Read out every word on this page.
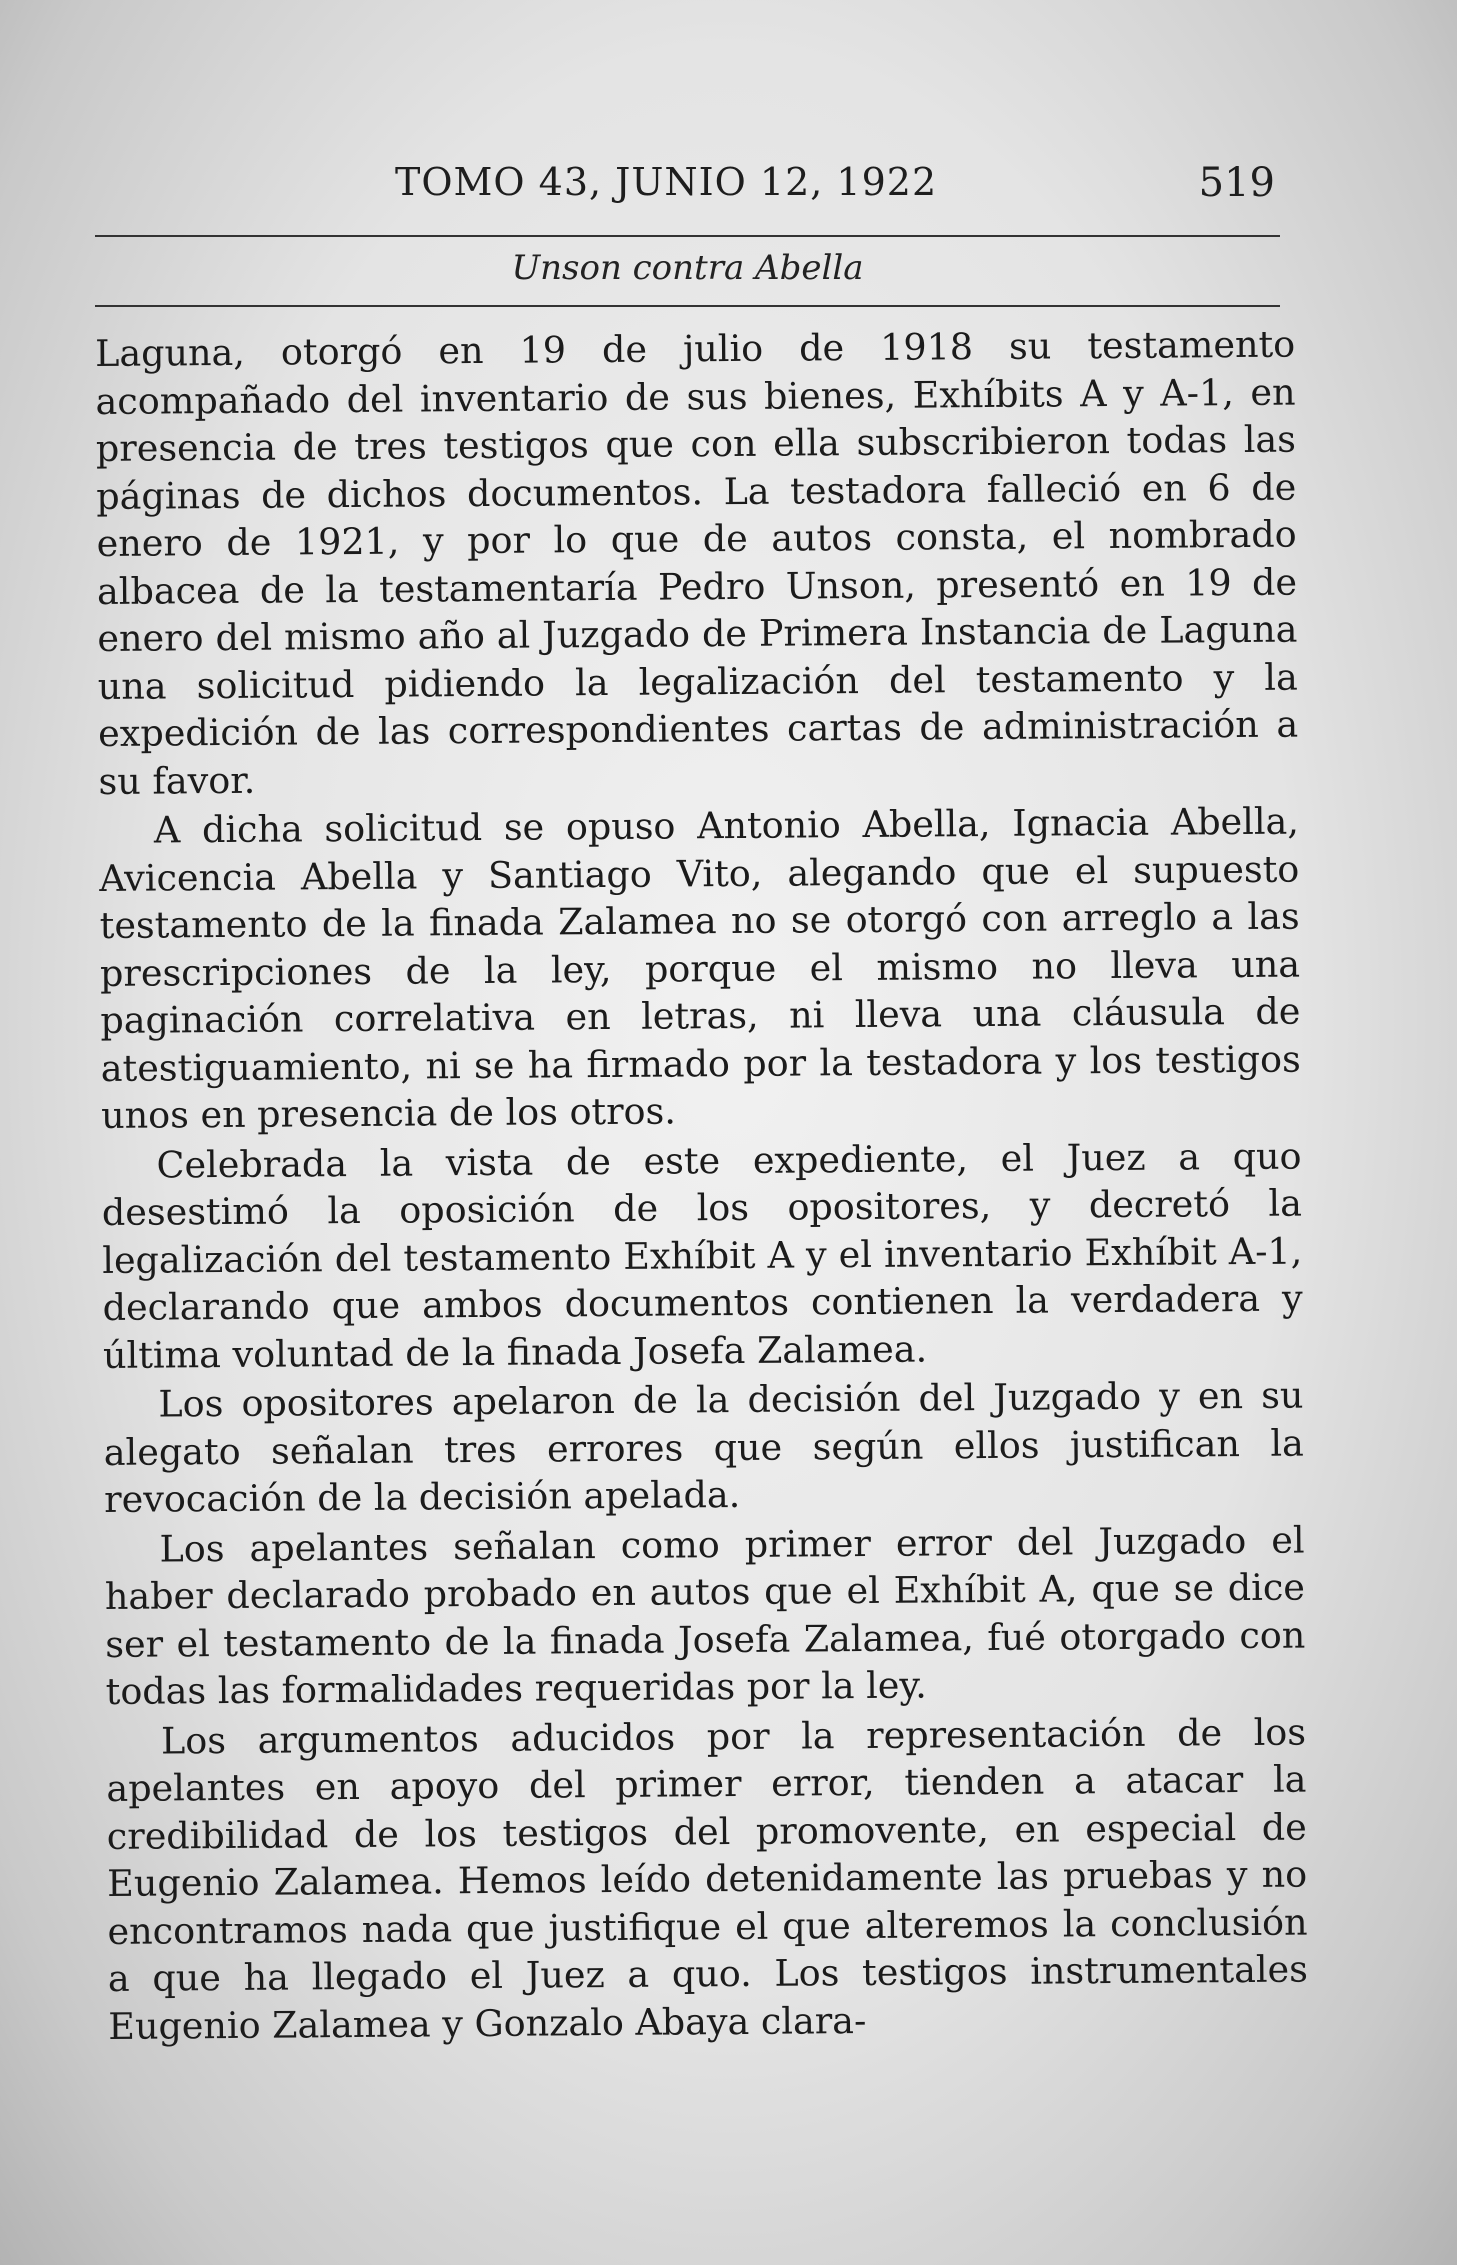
TOMO 43, JUNIO 12, 1922	519
Unson contra Abella

Laguna, otorgó en 19 de julio de 1918 su testamento acompañado del inventario de sus bienes, Exhíbits A y A-1, en presencia de tres testigos que con ella subscribieron todas las páginas de dichos documentos. La testadora falleció en 6 de enero de 1921, y por lo que de autos consta, el nombrado albacea de la testamentaría Pedro Unson, presentó en 19 de enero del mismo año al Juzgado de Primera Instancia de Laguna una solicitud pidiendo la legalización del testamento y la expedición de las correspondientes cartas de administración a su favor.

A dicha solicitud se opuso Antonio Abella, Ignacia Abella, Avicencia Abella y Santiago Vito, alegando que el supuesto testamento de la finada Zalamea no se otorgó con arreglo a las prescripciones de la ley, porque el mismo no lleva una paginación correlativa en letras, ni lleva una cláusula de atestiguamiento, ni se ha firmado por la testadora y los testigos unos en presencia de los otros.

Celebrada la vista de este expediente, el Juez a quo desestimó la oposición de los opositores, y decretó la legalización del testamento Exhíbit A y el inventario Exhíbit A-1, declarando que ambos documentos contienen la verdadera y última voluntad de la finada Josefa Zalamea.

Los opositores apelaron de la decisión del Juzgado y en su alegato señalan tres errores que según ellos justifican la revocación de la decisión apelada.

Los apelantes señalan como primer error del Juzgado el haber declarado probado en autos que el Exhíbit A, que se dice ser el testamento de la finada Josefa Zalamea, fué otorgado con todas las formalidades requeridas por la ley.

Los argumentos aducidos por la representación de los apelantes en apoyo del primer error, tienden a atacar la credibilidad de los testigos del promovente, en especial de Eugenio Zalamea. Hemos leído detenidamente las pruebas y no encontramos nada que justifique el que alteremos la conclusión a que ha llegado el Juez a quo. Los testigos instrumentales Eugenio Zalamea y Gonzalo Abaya clara-
